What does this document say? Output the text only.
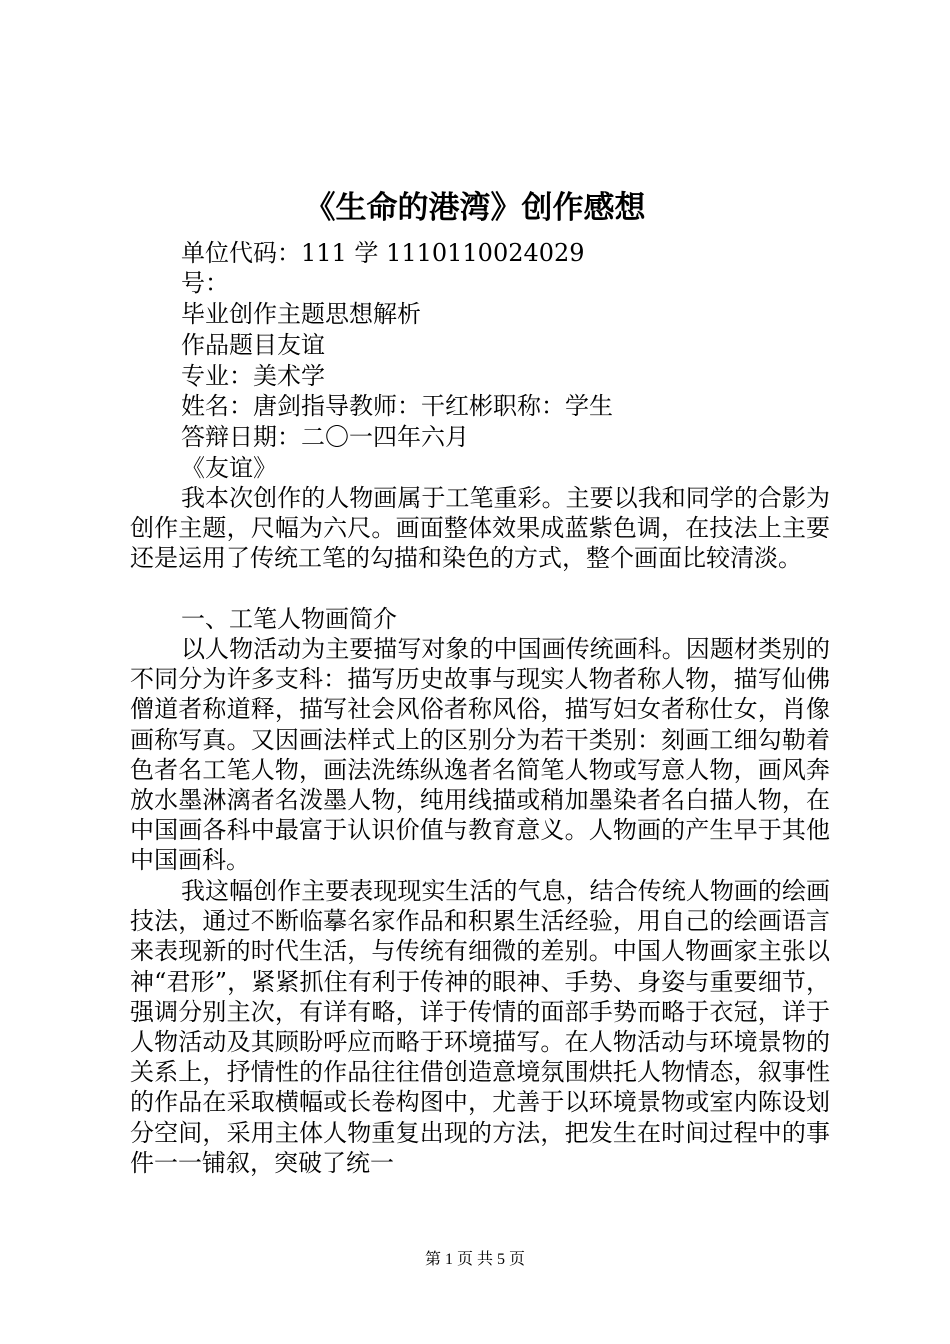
《生命的港湾》创作感想
单位代码：111 学 1110110024029
号：
毕业创作主题思想解析
作品题目友谊
专业：美术学
姓名：唐剑指导教师：干红彬职称：学生
答辩日期：二〇一四年六月
《友谊》
我本次创作的人物画属于工笔重彩。主要以我和同学的合影为创作主题，尺幅为六尺。画面整体效果成蓝紫色调，在技法上主要还是运用了传统工笔的勾描和染色的方式，整个画面比较清淡。
一、工笔人物画简介
以人物活动为主要描写对象的中国画传统画科。因题材类别的不同分为许多支科：描写历史故事与现实人物者称人物，描写仙佛僧道者称道释，描写社会风俗者称风俗，描写妇女者称仕女，肖像画称写真。又因画法样式上的区别分为若干类别：刻画工细勾勒着色者名工笔人物，画法洗练纵逸者名简笔人物或写意人物，画风奔放水墨淋漓者名泼墨人物，纯用线描或稍加墨染者名白描人物，在中国画各科中最富于认识价值与教育意义。人物画的产生早于其他中国画科。
我这幅创作主要表现现实生活的气息，结合传统人物画的绘画技法，通过不断临摹名家作品和积累生活经验，用自己的绘画语言来表现新的时代生活，与传统有细微的差别。中国人物画家主张以神“君形”，紧紧抓住有利于传神的眼神、手势、身姿与重要细节，强调分别主次，有详有略，详于传情的面部手势而略于衣冠，详于人物活动及其顾盼呼应而略于环境描写。在人物活动与环境景物的关系上，抒情性的作品往往借创造意境氛围烘托人物情态，叙事性的作品在采取横幅或长卷构图中，尤善于以环境景物或室内陈设划分空间，采用主体人物重复出现的方法，把发生在时间过程中的事件一一铺叙，突破了统一
第 1 页 共 5 页
